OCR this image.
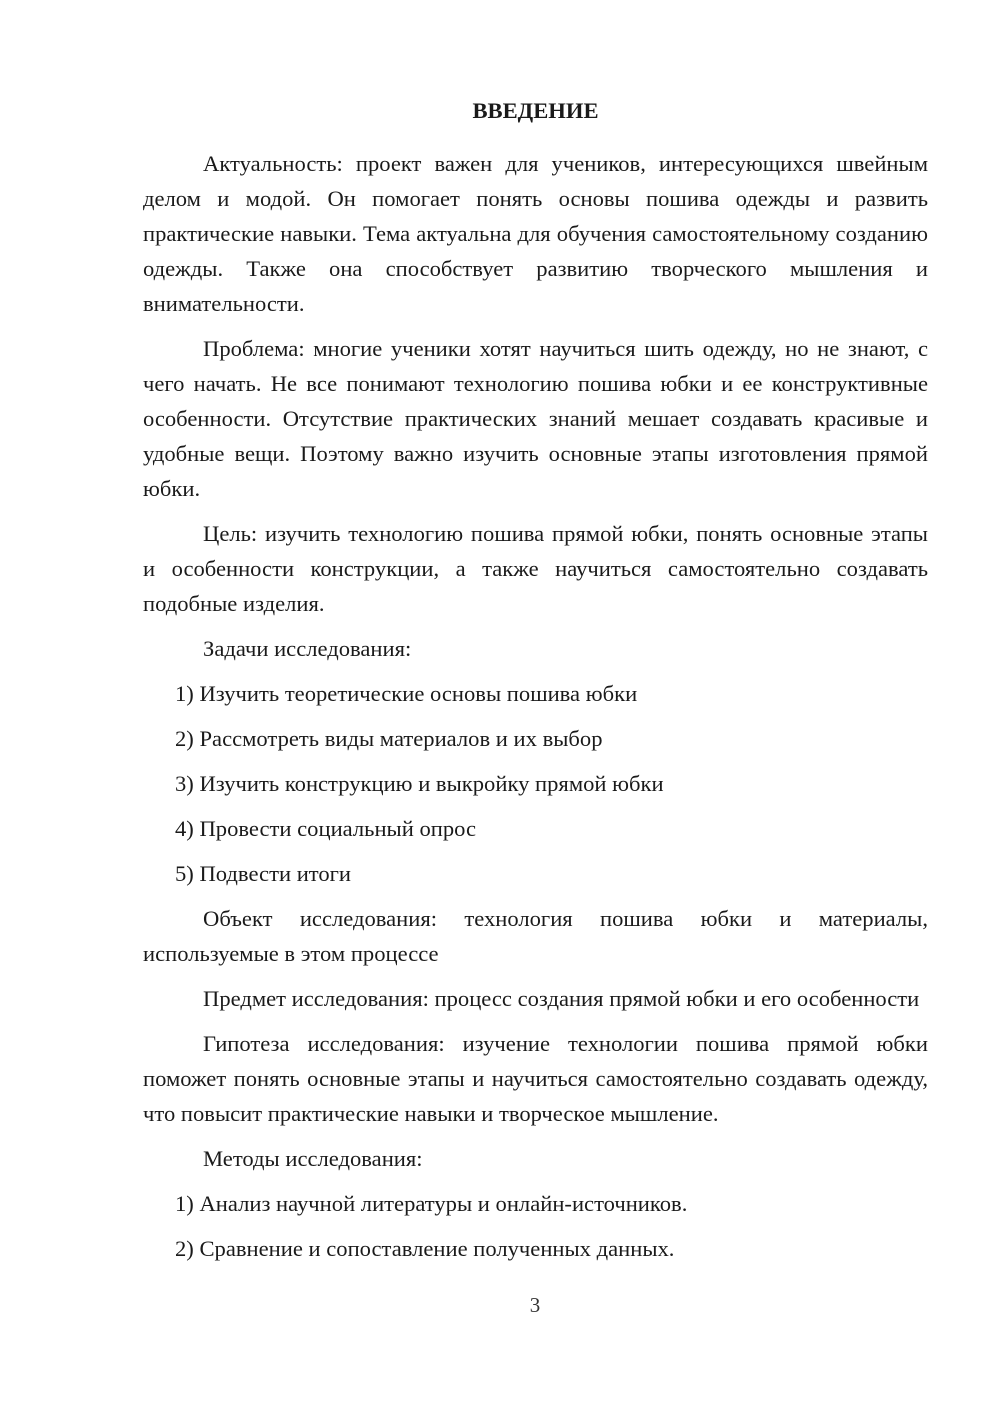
ВВЕДЕНИЕ

Актуальность: проект важен для учеников, интересующихся швейным делом и модой. Он помогает понять основы пошива одежды и развить практические навыки. Тема актуальна для обучения самостоятельному созданию одежды. Также она способствует развитию творческого мышления и внимательности.

Проблема: многие ученики хотят научиться шить одежду, но не знают, с чего начать. Не все понимают технологию пошива юбки и ее конструктивные особенности. Отсутствие практических знаний мешает создавать красивые и удобные вещи. Поэтому важно изучить основные этапы изготовления прямой юбки.

Цель: изучить технологию пошива прямой юбки, понять основные этапы и особенности конструкции, а также научиться самостоятельно создавать подобные изделия.

Задачи исследования:

1) Изучить теоретические основы пошива юбки

2) Рассмотреть виды материалов и их выбор

3) Изучить конструкцию и выкройку прямой юбки

4) Провести социальный опрос

5) Подвести итоги

Объект исследования: технология пошива юбки и материалы, используемые в этом процессе

Предмет исследования: процесс создания прямой юбки и его особенности

Гипотеза исследования: изучение технологии пошива прямой юбки поможет понять основные этапы и научиться самостоятельно создавать одежду, что повысит практические навыки и творческое мышление.

Методы исследования:

1) Анализ научной литературы и онлайн-источников.

2) Сравнение и сопоставление полученных данных.

3
